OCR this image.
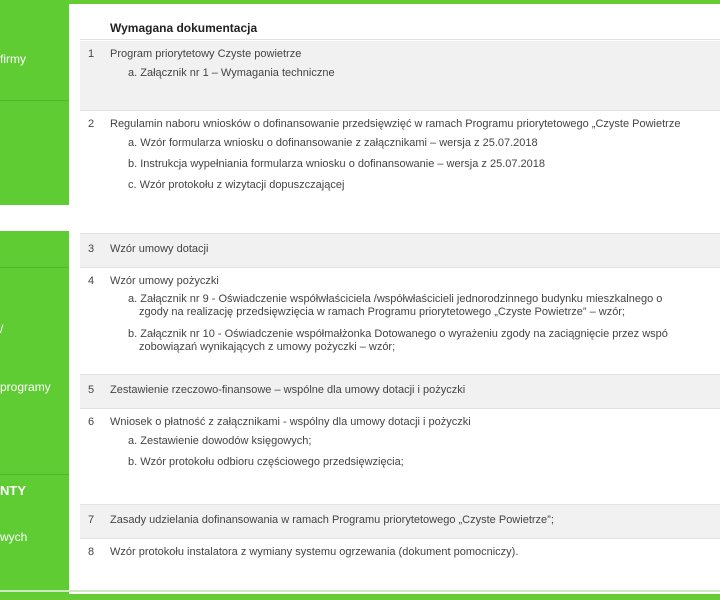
firmy
/
programy
NTY
wych
Wymagana dokumentacja
1 Program priorytetowy Czyste powietrze
a. Załącznik nr 1 – Wymagania techniczne
2 Regulamin naboru wniosków o dofinansowanie przedsięwzięć w ramach Programu priorytetowego „Czyste Powietrze
a. Wzór formularza wniosku o dofinansowanie z załącznikami – wersja z 25.07.2018
b. Instrukcja wypełniania formularza wniosku o dofinansowanie – wersja z 25.07.2018
c. Wzór protokołu z wizytacji dopuszczającej
3 Wzór umowy dotacji
4 Wzór umowy pożyczki
a. Załącznik nr 9 - Oświadczenie współwłaściciela /współwłaścicieli jednorodzinnego budynku mieszkalnego o
zgody na realizację przedsięwzięcia w ramach Programu priorytetowego „Czyste Powietrze” – wzór;
b. Załącznik nr 10 - Oświadczenie współmałżonka Dotowanego o wyrażeniu zgody na zaciągnięcie przez wspó
zobowiązań wynikających z umowy pożyczki – wzór;
5 Zestawienie rzeczowo-finansowe – wspólne dla umowy dotacji i pożyczki
6 Wniosek o płatność z załącznikami - wspólny dla umowy dotacji i pożyczki
a. Zestawienie dowodów księgowych;
b. Wzór protokołu odbioru częściowego przedsięwzięcia;
7 Zasady udzielania dofinansowania w ramach Programu priorytetowego „Czyste Powietrze”;
8 Wzór protokołu instalatora z wymiany systemu ogrzewania (dokument pomocniczy).
